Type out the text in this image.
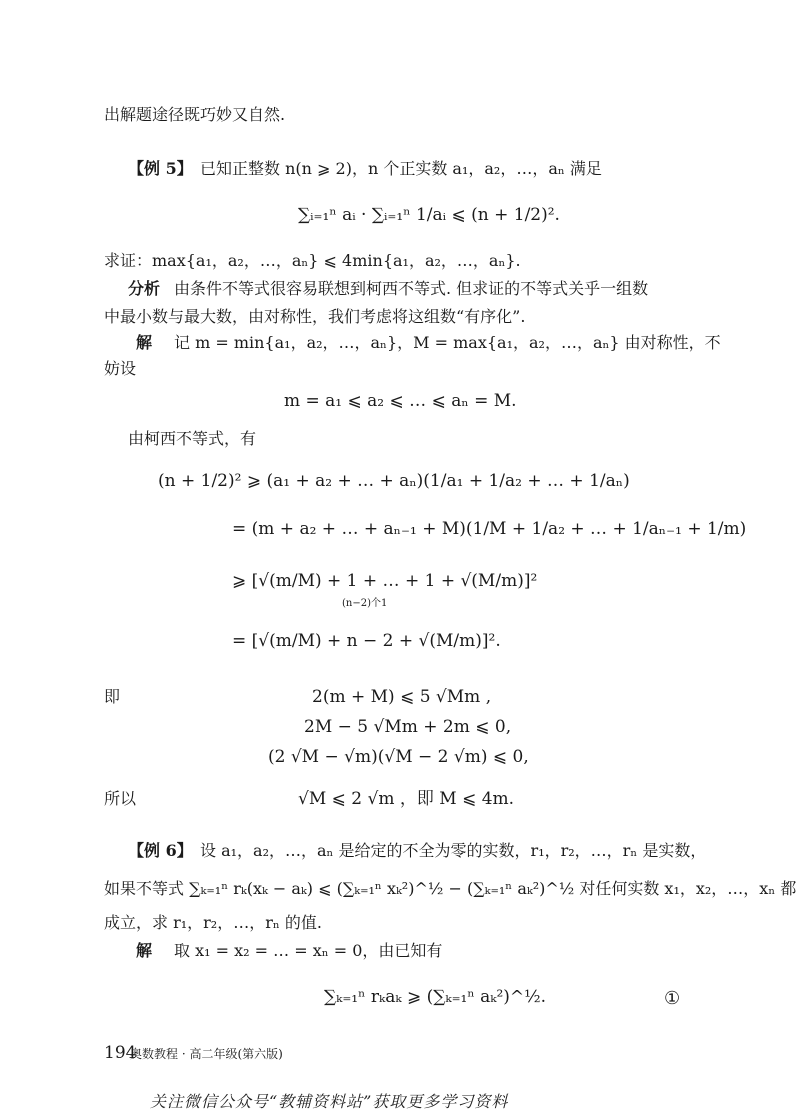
出解题途径既巧妙又自然.
【例 5】 已知正整数 n(n ⩾ 2)，n 个正实数 a₁，a₂，…，aₙ 满足
∑ᵢ₌₁ⁿ aᵢ · ∑ᵢ₌₁ⁿ 1/aᵢ ⩽ (n + 1/2)².
求证：max{a₁，a₂，…，aₙ} ⩽ 4min{a₁，a₂，…，aₙ}.
分析 由条件不等式很容易联想到柯西不等式. 但求证的不等式关乎一组数
中最小数与最大数，由对称性，我们考虑将这组数“有序化”.
解 记 m = min{a₁，a₂，…，aₙ}，M = max{a₁，a₂，…，aₙ} 由对称性，不
妨设
m = a₁ ⩽ a₂ ⩽ … ⩽ aₙ = M.
由柯西不等式，有
(n + 1/2)² ⩾ (a₁ + a₂ + … + aₙ)(1/a₁ + 1/a₂ + … + 1/aₙ)
= (m + a₂ + … + aₙ₋₁ + M)(1/M + 1/a₂ + … + 1/aₙ₋₁ + 1/m)
⩾ [√(m/M) + 1 + … + 1 + √(M/m)]²
(n−2)个1
= [√(m/M) + n − 2 + √(M/m)]².
即	2(m + M) ⩽ 5 √Mm ,
2M − 5 √Mm + 2m ⩽ 0,
(2 √M − √m)(√M − 2 √m) ⩽ 0,
所以	√M ⩽ 2 √m ，即 M ⩽ 4m.
【例 6】 设 a₁，a₂，…，aₙ 是给定的不全为零的实数，r₁，r₂，…，rₙ 是实数，
如果不等式 ∑ₖ₌₁ⁿ rₖ(xₖ − aₖ) ⩽ (∑ₖ₌₁ⁿ xₖ²)^½ − (∑ₖ₌₁ⁿ aₖ²)^½ 对任何实数 x₁，x₂，…，xₙ 都
成立，求 r₁，r₂，…，rₙ 的值.
解 取 x₁ = x₂ = … = xₙ = 0，由已知有
∑ₖ₌₁ⁿ rₖaₖ ⩾ (∑ₖ₌₁ⁿ aₖ²)^½.	①
194
奥数教程 · 高二年级(第六版)
关注微信公众号“教辅资料站”获取更多学习资料
